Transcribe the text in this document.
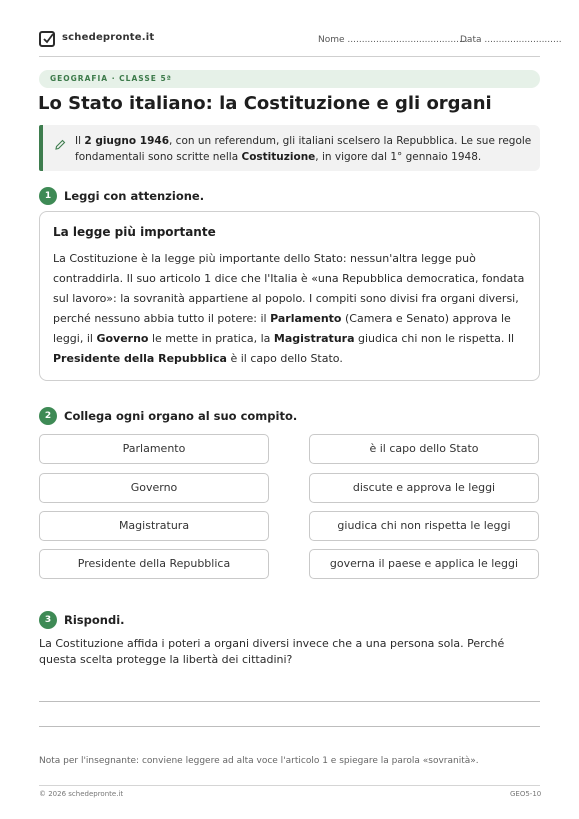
schedepronte.it	Nome ..........................................
Data ...........................
GEOGRAFIA · CLASSE 5ª
Lo Stato italiano: la Costituzione e gli organi
Il 2 giugno 1946, con un referendum, gli italiani scelsero la Repubblica. Le sue regole fondamentali sono scritte nella Costituzione, in vigore dal 1° gennaio 1948.
1	Leggi con attenzione.
La legge più importante
La Costituzione è la legge più importante dello Stato: nessun'altra legge può contraddirla. Il suo articolo 1 dice che l'Italia è «una Repubblica democratica, fondata sul lavoro»: la sovranità appartiene al popolo. I compiti sono divisi fra organi diversi, perché nessuno abbia tutto il potere: il Parlamento (Camera e Senato) approva le leggi, il Governo le mette in pratica, la Magistratura giudica chi non le rispetta. Il Presidente della Repubblica è il capo dello Stato.
2	Collega ogni organo al suo compito.
Parlamento
Governo
Magistratura
Presidente della Repubblica
è il capo dello Stato
discute e approva le leggi
giudica chi non rispetta le leggi
governa il paese e applica le leggi
3	Rispondi.
La Costituzione affida i poteri a organi diversi invece che a una persona sola. Perché questa scelta protegge la libertà dei cittadini?
Nota per l'insegnante: conviene leggere ad alta voce l'articolo 1 e spiegare la parola «sovranità».
© 2026 schedepronte.it	GEO5-10
